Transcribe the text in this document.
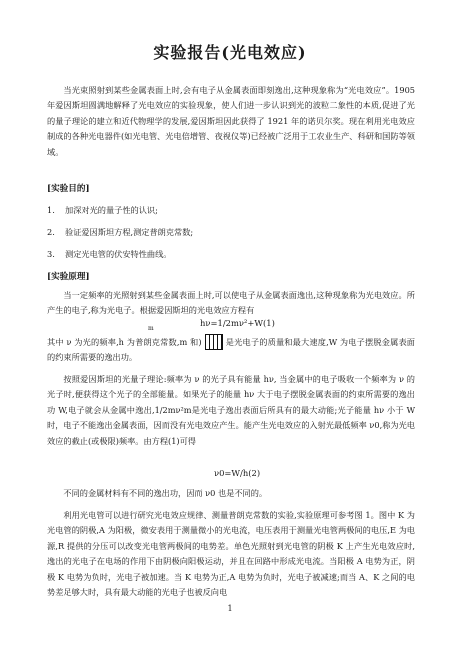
实验报告(光电效应)
当光束照射到某些金属表面上时,会有电子从金属表面即刻逸出,这种现象称为“光电效应”。1905 年爱因斯坦圆满地解释了光电效应的实验现象，使人们进一步认识到光的波粒二象性的本质,促进了光的量子理论的建立和近代物理学的发展,爱因斯坦因此获得了 1921 年的诺贝尔奖。现在利用光电效应制成的各种光电器件(如光电管、光电倍增管、夜视仪等)已经被广泛用于工农业生产、科研和国防等领域。
[实验目的]
1. 加深对光的量子性的认识;
2. 验证爱因斯坦方程,测定普朗克常数;
3. 测定光电管的伏安特性曲线。
[实验原理]
当一定频率的光照射到某些金属表面上时,可以使电子从金属表面逸出,这种现象称为光电效应。所产生的电子,称为光电子。根据爱因斯坦的光电效应方程有
hν=1/2mν²+W(1)
m
其中 ν 为光的频率,h 为普朗克常数,m 和)	是光电子的质量和最大速度,W 为电子摆脱金属表面的约束所需要的逸出功。
按照爱因斯坦的光量子理论:频率为 ν 的光子具有能量 hν, 当金属中的电子吸收一个频率为 ν 的光子时,便获得这个光子的全部能量。如果光子的能量 hν 大于电子摆脱金属表面的约束所需要的逸出功 W,电子就会从金属中逸出,1/2mν²m是光电子逸出表面后所具有的最大动能;光子能量 hν 小于 W 时，电子不能逸出金属表面，因而没有光电效应产生。能产生光电效应的入射光最低频率 ν0,称为光电效应的截止(或极限)频率。由方程(1)可得
ν0=W/h(2)
不同的金属材料有不同的逸出功，因而 ν0 也是不同的。
利用光电管可以进行研究光电效应规律、测量普朗克常数的实验,实验原理可参考图 1。图中 K 为光电管的阴极,A 为阳极，微安表用于测量微小的光电流，电压表用于测量光电管两极间的电压,E 为电源,R 提供的分压可以改变光电管两极间的电势差。单色光照射到光电管的阴极 K 上产生光电效应时,逸出的光电子在电场的作用下由阴极向阳极运动，并且在回路中形成光电流。当阳极 A 电势为正，阴极 K 电势为负时，光电子被加速。当 K 电势为正,A 电势为负时，光电子被减速;而当 A、K 之间的电势差足够大时，具有最大动能的光电子也被反向电
1
